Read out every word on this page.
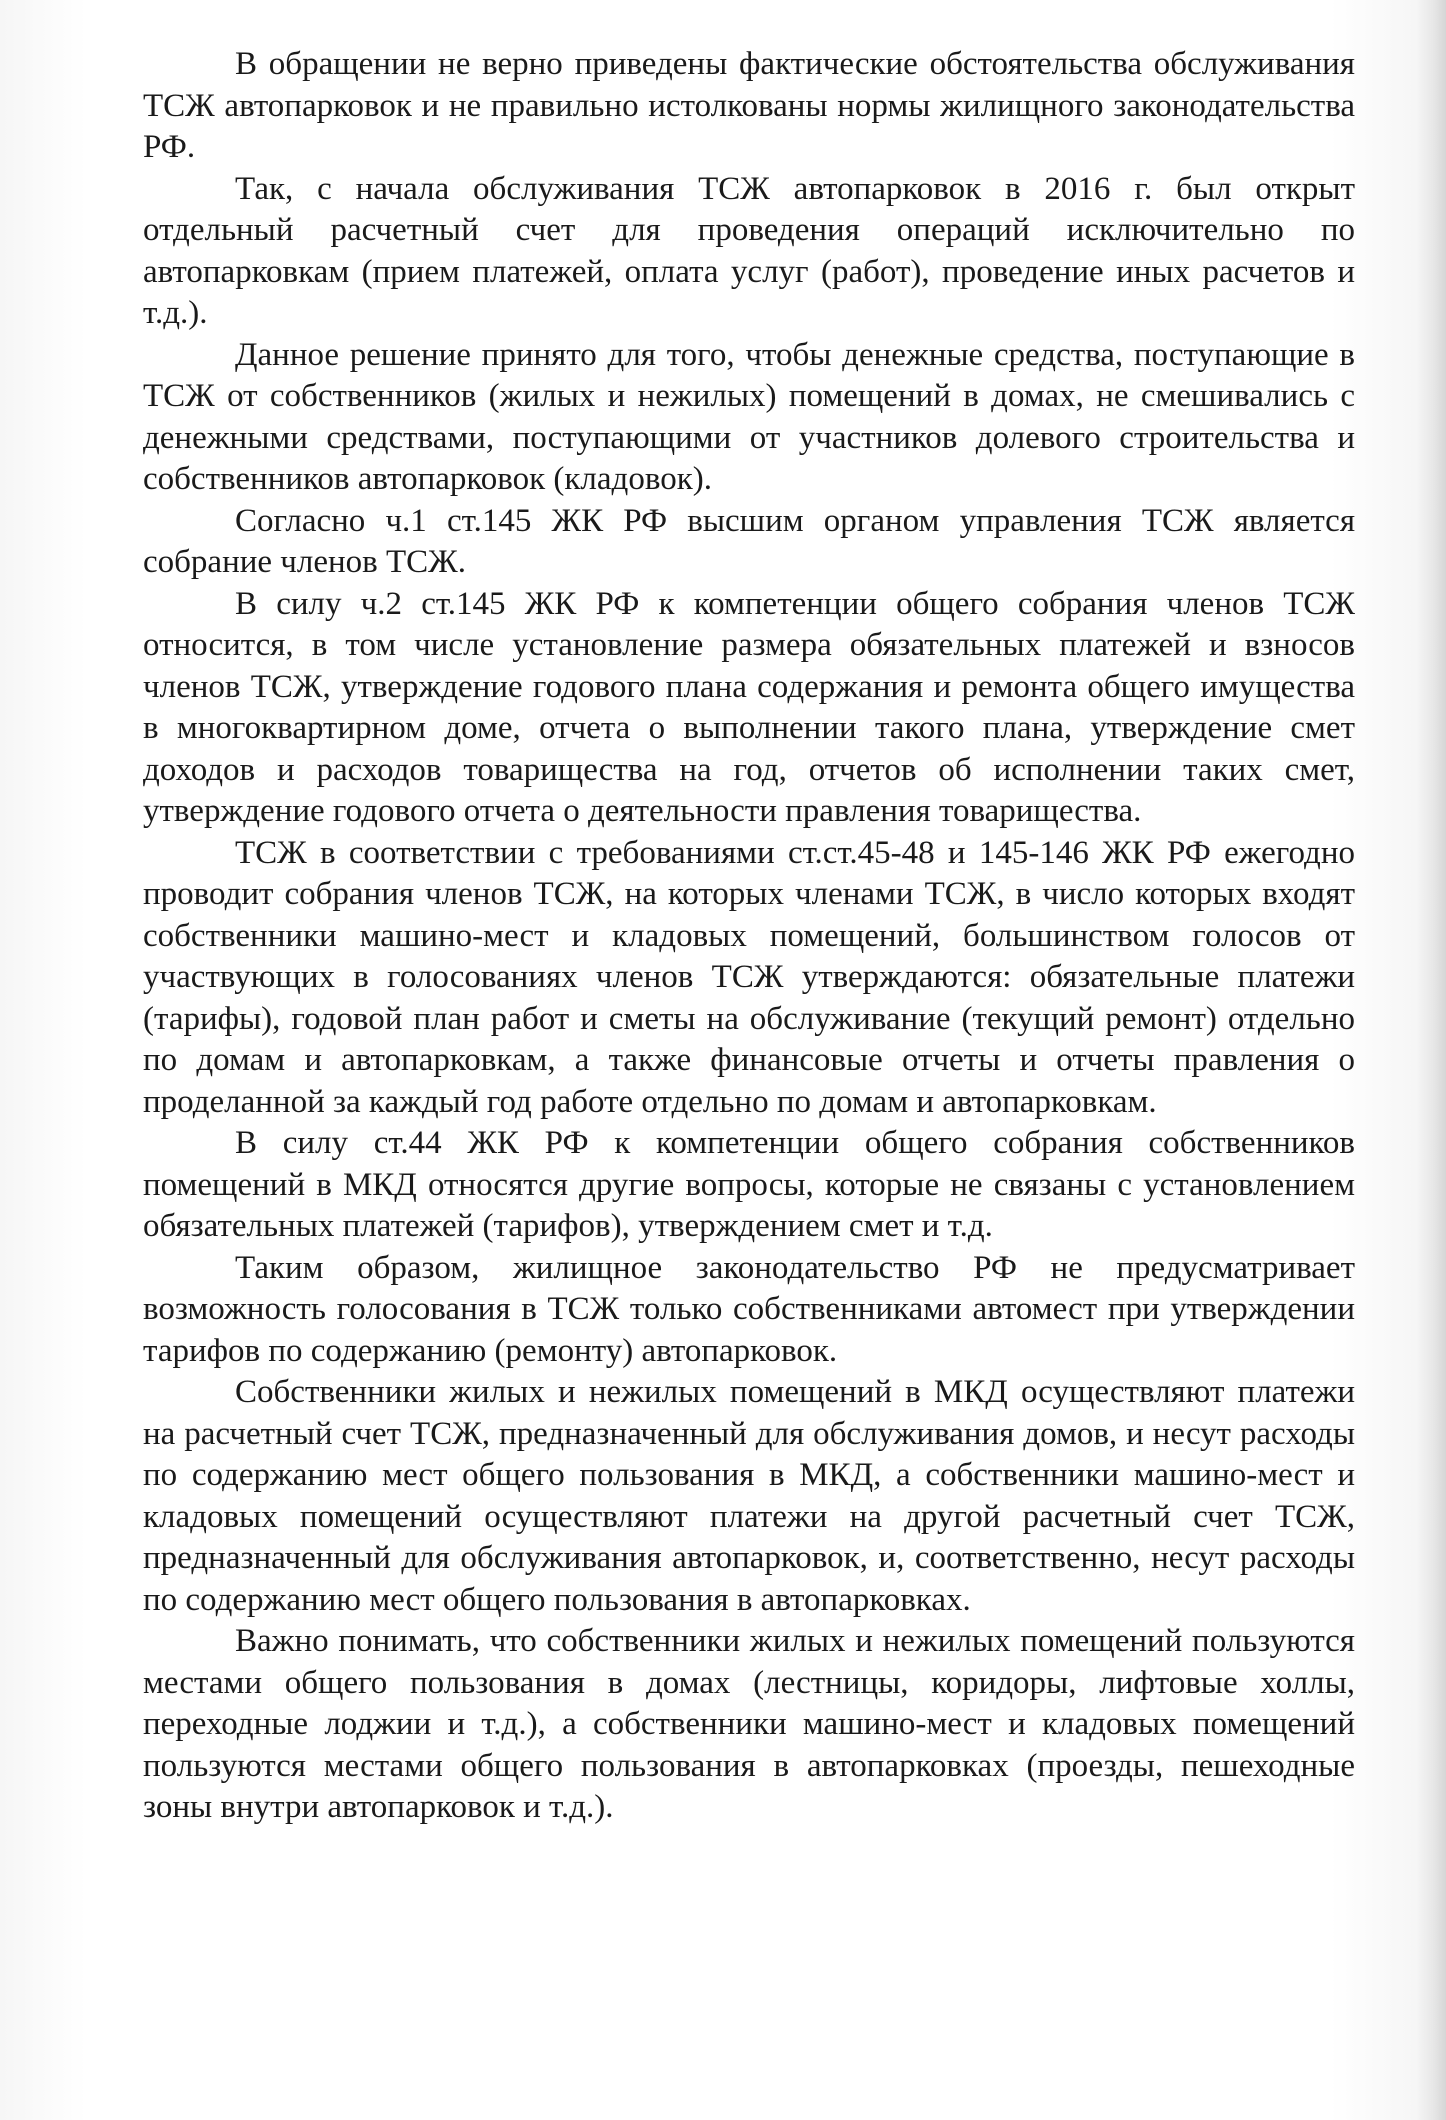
В обращении не верно приведены фактические обстоятельства обслуживания ТСЖ автопарковок и не правильно истолкованы нормы жилищного законодательства РФ.

Так, с начала обслуживания ТСЖ автопарковок в 2016 г. был открыт отдельный расчетный счет для проведения операций исключительно по автопарковкам (прием платежей, оплата услуг (работ), проведение иных расчетов и т.д.).

Данное решение принято для того, чтобы денежные средства, поступающие в ТСЖ от собственников (жилых и нежилых) помещений в домах, не смешивались с денежными средствами, поступающими от участников долевого строительства и собственников автопарковок (кладовок).

Согласно ч.1 ст.145 ЖК РФ высшим органом управления ТСЖ является собрание членов ТСЖ.

В силу ч.2 ст.145 ЖК РФ к компетенции общего собрания членов ТСЖ относится, в том числе установление размера обязательных платежей и взносов членов ТСЖ, утверждение годового плана содержания и ремонта общего имущества в многоквартирном доме, отчета о выполнении такого плана, утверждение смет доходов и расходов товарищества на год, отчетов об исполнении таких смет, утверждение годового отчета о деятельности правления товарищества.

ТСЖ в соответствии с требованиями ст.ст.45-48 и 145-146 ЖК РФ ежегодно проводит собрания членов ТСЖ, на которых членами ТСЖ, в число которых входят собственники машино-мест и кладовых помещений, большинством голосов от участвующих в голосованиях членов ТСЖ утверждаются: обязательные платежи (тарифы), годовой план работ и сметы на обслуживание (текущий ремонт) отдельно по домам и автопарковкам, а также финансовые отчеты и отчеты правления о проделанной за каждый год работе отдельно по домам и автопарковкам.

В силу ст.44 ЖК РФ к компетенции общего собрания собственников помещений в МКД относятся другие вопросы, которые не связаны с установлением обязательных платежей (тарифов), утверждением смет и т.д.

Таким образом, жилищное законодательство РФ не предусматривает возможность голосования в ТСЖ только собственниками автомест при утверждении тарифов по содержанию (ремонту) автопарковок.

Собственники жилых и нежилых помещений в МКД осуществляют платежи на расчетный счет ТСЖ, предназначенный для обслуживания домов, и несут расходы по содержанию мест общего пользования в МКД, а собственники машино-мест и кладовых помещений осуществляют платежи на другой расчетный счет ТСЖ, предназначенный для обслуживания автопарковок, и, соответственно, несут расходы по содержанию мест общего пользования в автопарковках.

Важно понимать, что собственники жилых и нежилых помещений пользуются местами общего пользования в домах (лестницы, коридоры, лифтовые холлы, переходные лоджии и т.д.), а собственники машино-мест и кладовых помещений пользуются местами общего пользования в автопарковках (проезды, пешеходные зоны внутри автопарковок и т.д.).
